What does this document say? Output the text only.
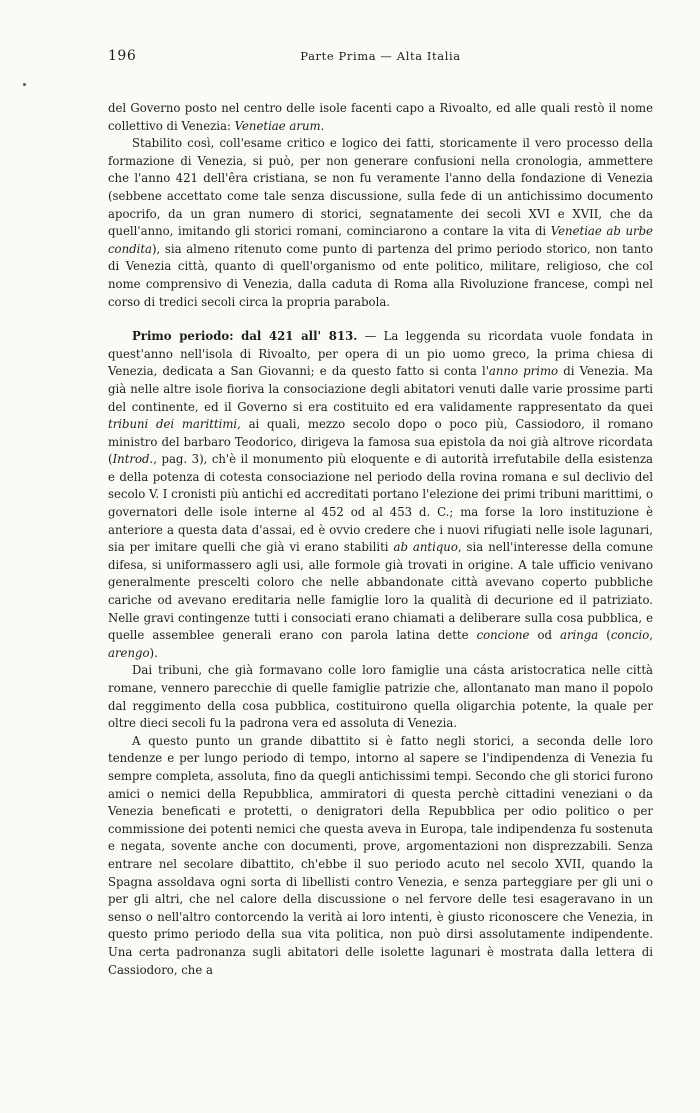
196	Parte Prima — Alta Italia

del Governo posto nel centro delle isole facenti capo a Rivoalto, ed alle quali restò il nome collettivo di Venezia: Venetiae arum.

Stabilito così, coll'esame critico e logico dei fatti, storicamente il vero processo della formazione di Venezia, si può, per non generare confusioni nella cronologia, ammettere che l'anno 421 dell'êra cristiana, se non fu veramente l'anno della fondazione di Venezia (sebbene accettato come tale senza discussione, sulla fede di un antichissimo documento apocrifo, da un gran numero di storici, segnatamente dei secoli XVI e XVII, che da quell'anno, imitando gli storici romani, cominciarono a contare la vita di Venetiae ab urbe condita), sia almeno ritenuto come punto di partenza del primo periodo storico, non tanto di Venezia città, quanto di quell'organismo od ente politico, militare, religioso, che col nome comprensivo di Venezia, dalla caduta di Roma alla Rivoluzione francese, compì nel corso di tredici secoli circa la propria parabola.

Primo periodo: dal 421 all' 813. — La leggenda su ricordata vuole fondata in quest'anno nell'isola di Rivoalto, per opera di un pio uomo greco, la prima chiesa di Venezia, dedicata a San Giovanni; e da questo fatto si conta l'anno primo di Venezia. Ma già nelle altre isole fioriva la consociazione degli abitatori venuti dalle varie prossime parti del continente, ed il Governo si era costituito ed era validamente rappresentato da quei tribuni dei marittimi, ai quali, mezzo secolo dopo o poco più, Cassiodoro, il romano ministro del barbaro Teodorico, dirigeva la famosa sua epistola da noi già altrove ricordata (Introd., pag. 3), ch'è il monumento più eloquente e di autorità irrefutabile della esistenza e della potenza di cotesta consociazione nel periodo della rovina romana e sul declivio del secolo V. I cronisti più antichi ed accreditati portano l'elezione dei primi tribuni marittimi, o governatori delle isole interne al 452 od al 453 d. C.; ma forse la loro instituzione è anteriore a questa data d'assai, ed è ovvio credere che i nuovi rifugiati nelle isole lagunari, sia per imitare quelli che già vi erano stabiliti ab antiquo, sia nell'interesse della comune difesa, si uniformassero agli usi, alle formole già trovati in origine. A tale ufficio venivano generalmente prescelti coloro che nelle abbandonate città avevano coperto pubbliche cariche od avevano ereditaria nelle famiglie loro la qualità di decurione ed il patriziato. Nelle gravi contingenze tutti i consociati erano chiamati a deliberare sulla cosa pubblica, e quelle assemblee generali erano con parola latina dette concione od aringa (concio, arengo).

Dai tribuni, che già formavano colle loro famiglie una cásta aristocratica nelle città romane, vennero parecchie di quelle famiglie patrizie che, allontanato man mano il popolo dal reggimento della cosa pubblica, costituirono quella oligarchia potente, la quale per oltre dieci secoli fu la padrona vera ed assoluta di Venezia.

A questo punto un grande dibattito si è fatto negli storici, a seconda delle loro tendenze e per lungo periodo di tempo, intorno al sapere se l'indipendenza di Venezia fu sempre completa, assoluta, fino da quegli antichissimi tempi. Secondo che gli storici furono amici o nemici della Repubblica, ammiratori di questa perchè cittadini veneziani o da Venezia beneficati e protetti, o denigratori della Repubblica per odio politico o per commissione dei potenti nemici che questa aveva in Europa, tale indipendenza fu sostenuta e negata, sovente anche con documenti, prove, argomentazioni non disprezzabili. Senza entrare nel secolare dibattito, ch'ebbe il suo periodo acuto nel secolo XVII, quando la Spagna assoldava ogni sorta di libellisti contro Venezia, e senza parteggiare per gli uni o per gli altri, che nel calore della discussione o nel fervore delle tesi esageravano in un senso o nell'altro contorcendo la verità ai loro intenti, è giusto riconoscere che Venezia, in questo primo periodo della sua vita politica, non può dirsi assolutamente indipendente. Una certa padronanza sugli abitatori delle isolette lagunari è mostrata dalla lettera di Cassiodoro, che a
